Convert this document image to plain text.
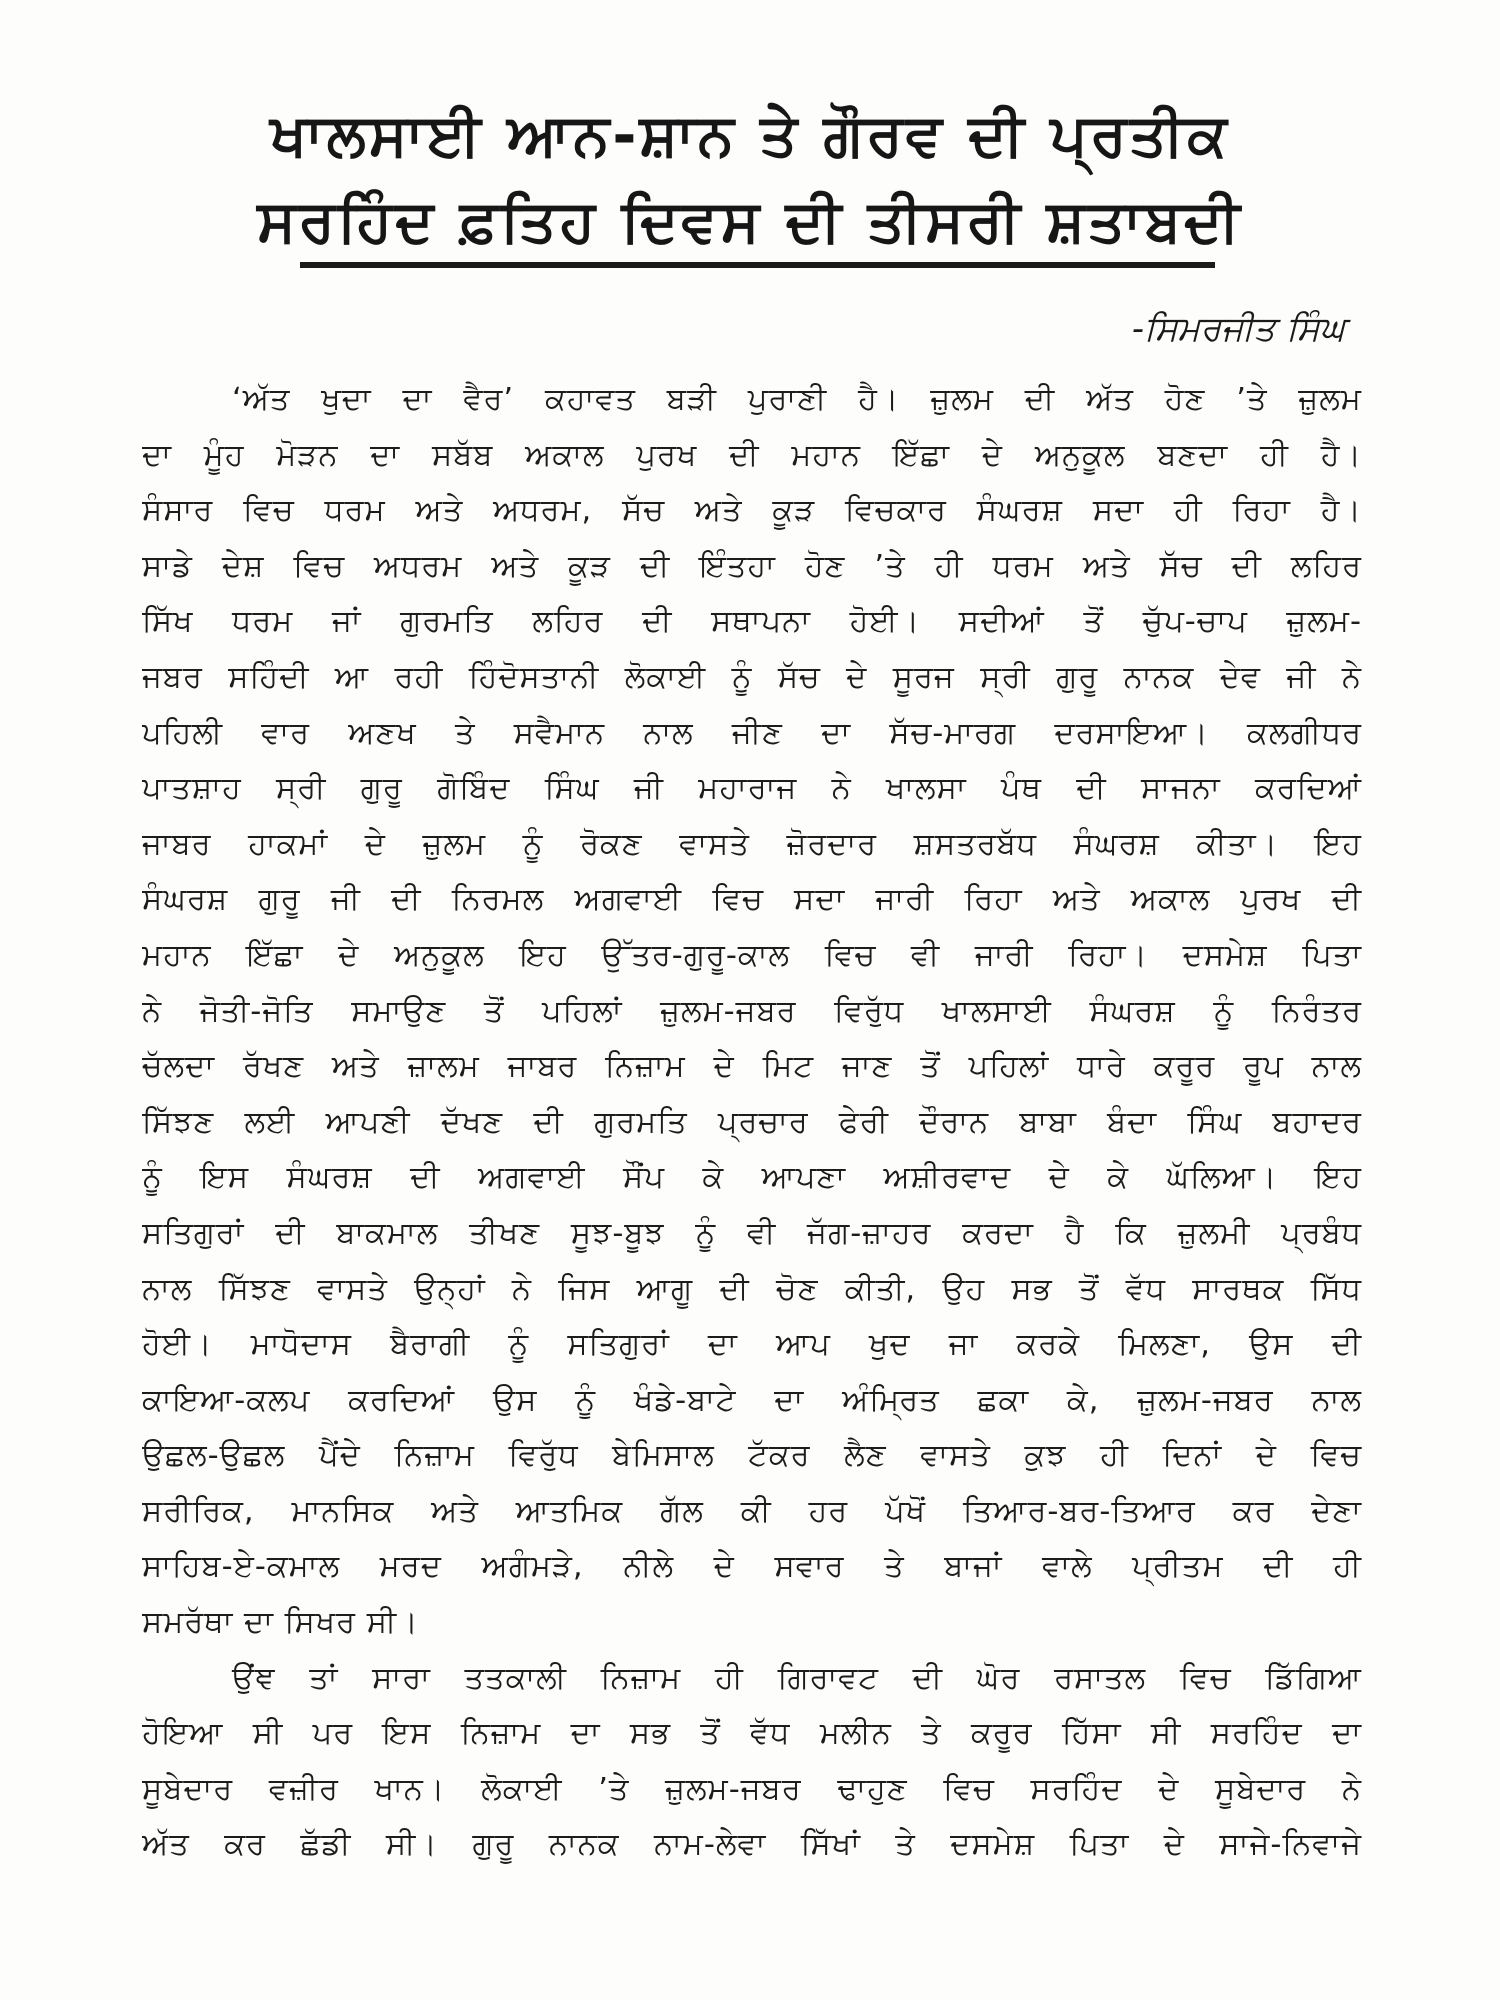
ਖਾਲਸਾਈ ਆਨ-ਸ਼ਾਨ ਤੇ ਗੌਰਵ ਦੀ ਪ੍ਰਤੀਕ
ਸਰਹਿੰਦ ਫ਼ਤਿਹ ਦਿਵਸ ਦੀ ਤੀਸਰੀ ਸ਼ਤਾਬਦੀ
-ਸਿਮਰਜੀਤ ਸਿੰਘ
‘ਅੱਤ ਖੁਦਾ ਦਾ ਵੈਰ’ ਕਹਾਵਤ ਬੜੀ ਪੁਰਾਣੀ ਹੈ। ਜ਼ੁਲਮ ਦੀ ਅੱਤ ਹੋਣ ’ਤੇ ਜ਼ੁਲਮ
ਦਾ ਮੂੰਹ ਮੋੜਨ ਦਾ ਸਬੱਬ ਅਕਾਲ ਪੁਰਖ ਦੀ ਮਹਾਨ ਇੱਛਾ ਦੇ ਅਨੁਕੂਲ ਬਣਦਾ ਹੀ ਹੈ।
ਸੰਸਾਰ ਵਿਚ ਧਰਮ ਅਤੇ ਅਧਰਮ, ਸੱਚ ਅਤੇ ਕੂੜ ਵਿਚਕਾਰ ਸੰਘਰਸ਼ ਸਦਾ ਹੀ ਰਿਹਾ ਹੈ।
ਸਾਡੇ ਦੇਸ਼ ਵਿਚ ਅਧਰਮ ਅਤੇ ਕੂੜ ਦੀ ਇੰਤਹਾ ਹੋਣ ’ਤੇ ਹੀ ਧਰਮ ਅਤੇ ਸੱਚ ਦੀ ਲਹਿਰ
ਸਿੱਖ ਧਰਮ ਜਾਂ ਗੁਰਮਤਿ ਲਹਿਰ ਦੀ ਸਥਾਪਨਾ ਹੋਈ। ਸਦੀਆਂ ਤੋਂ ਚੁੱਪ-ਚਾਪ ਜ਼ੁਲਮ-
ਜਬਰ ਸਹਿੰਦੀ ਆ ਰਹੀ ਹਿੰਦੋਸਤਾਨੀ ਲੋਕਾਈ ਨੂੰ ਸੱਚ ਦੇ ਸੂਰਜ ਸ੍ਰੀ ਗੁਰੂ ਨਾਨਕ ਦੇਵ ਜੀ ਨੇ
ਪਹਿਲੀ ਵਾਰ ਅਣਖ ਤੇ ਸਵੈਮਾਨ ਨਾਲ ਜੀਣ ਦਾ ਸੱਚ-ਮਾਰਗ ਦਰਸਾਇਆ। ਕਲਗੀਧਰ
ਪਾਤਸ਼ਾਹ ਸ੍ਰੀ ਗੁਰੂ ਗੋਬਿੰਦ ਸਿੰਘ ਜੀ ਮਹਾਰਾਜ ਨੇ ਖਾਲਸਾ ਪੰਥ ਦੀ ਸਾਜਨਾ ਕਰਦਿਆਂ
ਜਾਬਰ ਹਾਕਮਾਂ ਦੇ ਜ਼ੁਲਮ ਨੂੰ ਰੋਕਣ ਵਾਸਤੇ ਜ਼ੋਰਦਾਰ ਸ਼ਸਤਰਬੱਧ ਸੰਘਰਸ਼ ਕੀਤਾ। ਇਹ
ਸੰਘਰਸ਼ ਗੁਰੂ ਜੀ ਦੀ ਨਿਰਮਲ ਅਗਵਾਈ ਵਿਚ ਸਦਾ ਜਾਰੀ ਰਿਹਾ ਅਤੇ ਅਕਾਲ ਪੁਰਖ ਦੀ
ਮਹਾਨ ਇੱਛਾ ਦੇ ਅਨੁਕੂਲ ਇਹ ਉੱਤਰ-ਗੁਰੂ-ਕਾਲ ਵਿਚ ਵੀ ਜਾਰੀ ਰਿਹਾ। ਦਸਮੇਸ਼ ਪਿਤਾ
ਨੇ ਜੋਤੀ-ਜੋਤਿ ਸਮਾਉਣ ਤੋਂ ਪਹਿਲਾਂ ਜ਼ੁਲਮ-ਜਬਰ ਵਿਰੁੱਧ ਖਾਲਸਾਈ ਸੰਘਰਸ਼ ਨੂੰ ਨਿਰੰਤਰ
ਚੱਲਦਾ ਰੱਖਣ ਅਤੇ ਜ਼ਾਲਮ ਜਾਬਰ ਨਿਜ਼ਾਮ ਦੇ ਮਿਟ ਜਾਣ ਤੋਂ ਪਹਿਲਾਂ ਧਾਰੇ ਕਰੂਰ ਰੂਪ ਨਾਲ
ਸਿੱਝਣ ਲਈ ਆਪਣੀ ਦੱਖਣ ਦੀ ਗੁਰਮਤਿ ਪ੍ਰਚਾਰ ਫੇਰੀ ਦੌਰਾਨ ਬਾਬਾ ਬੰਦਾ ਸਿੰਘ ਬਹਾਦਰ
ਨੂੰ ਇਸ ਸੰਘਰਸ਼ ਦੀ ਅਗਵਾਈ ਸੌਂਪ ਕੇ ਆਪਣਾ ਅਸ਼ੀਰਵਾਦ ਦੇ ਕੇ ਘੱਲਿਆ। ਇਹ
ਸਤਿਗੁਰਾਂ ਦੀ ਬਾਕਮਾਲ ਤੀਖਣ ਸੂਝ-ਬੂਝ ਨੂੰ ਵੀ ਜੱਗ-ਜ਼ਾਹਰ ਕਰਦਾ ਹੈ ਕਿ ਜ਼ੁਲਮੀ ਪ੍ਰਬੰਧ
ਨਾਲ ਸਿੱਝਣ ਵਾਸਤੇ ਉਨ੍ਹਾਂ ਨੇ ਜਿਸ ਆਗੂ ਦੀ ਚੋਣ ਕੀਤੀ, ਉਹ ਸਭ ਤੋਂ ਵੱਧ ਸਾਰਥਕ ਸਿੱਧ
ਹੋਈ। ਮਾਧੋਦਾਸ ਬੈਰਾਗੀ ਨੂੰ ਸਤਿਗੁਰਾਂ ਦਾ ਆਪ ਖੁਦ ਜਾ ਕਰਕੇ ਮਿਲਣਾ, ਉਸ ਦੀ
ਕਾਇਆ-ਕਲਪ ਕਰਦਿਆਂ ਉਸ ਨੂੰ ਖੰਡੇ-ਬਾਟੇ ਦਾ ਅੰਮ੍ਰਿਤ ਛਕਾ ਕੇ, ਜ਼ੁਲਮ-ਜਬਰ ਨਾਲ
ਉਛਲ-ਉਛਲ ਪੈਂਦੇ ਨਿਜ਼ਾਮ ਵਿਰੁੱਧ ਬੇਮਿਸਾਲ ਟੱਕਰ ਲੈਣ ਵਾਸਤੇ ਕੁਝ ਹੀ ਦਿਨਾਂ ਦੇ ਵਿਚ
ਸਰੀਰਿਕ, ਮਾਨਸਿਕ ਅਤੇ ਆਤਮਿਕ ਗੱਲ ਕੀ ਹਰ ਪੱਖੋਂ ਤਿਆਰ-ਬਰ-ਤਿਆਰ ਕਰ ਦੇਣਾ
ਸਾਹਿਬ-ਏ-ਕਮਾਲ ਮਰਦ ਅਗੰਮੜੇ, ਨੀਲੇ ਦੇ ਸਵਾਰ ਤੇ ਬਾਜਾਂ ਵਾਲੇ ਪ੍ਰੀਤਮ ਦੀ ਹੀ
ਸਮਰੱਥਾ ਦਾ ਸਿਖਰ ਸੀ।
ਉਂਞ ਤਾਂ ਸਾਰਾ ਤਤਕਾਲੀ ਨਿਜ਼ਾਮ ਹੀ ਗਿਰਾਵਟ ਦੀ ਘੋਰ ਰਸਾਤਲ ਵਿਚ ਡਿੱਗਿਆ
ਹੋਇਆ ਸੀ ਪਰ ਇਸ ਨਿਜ਼ਾਮ ਦਾ ਸਭ ਤੋਂ ਵੱਧ ਮਲੀਨ ਤੇ ਕਰੂਰ ਹਿੱਸਾ ਸੀ ਸਰਹਿੰਦ ਦਾ
ਸੂਬੇਦਾਰ ਵਜ਼ੀਰ ਖਾਨ। ਲੋਕਾਈ ’ਤੇ ਜ਼ੁਲਮ-ਜਬਰ ਢਾਹੁਣ ਵਿਚ ਸਰਹਿੰਦ ਦੇ ਸੂਬੇਦਾਰ ਨੇ
ਅੱਤ ਕਰ ਛੱਡੀ ਸੀ। ਗੁਰੂ ਨਾਨਕ ਨਾਮ-ਲੇਵਾ ਸਿੱਖਾਂ ਤੇ ਦਸਮੇਸ਼ ਪਿਤਾ ਦੇ ਸਾਜੇ-ਨਿਵਾਜੇ
